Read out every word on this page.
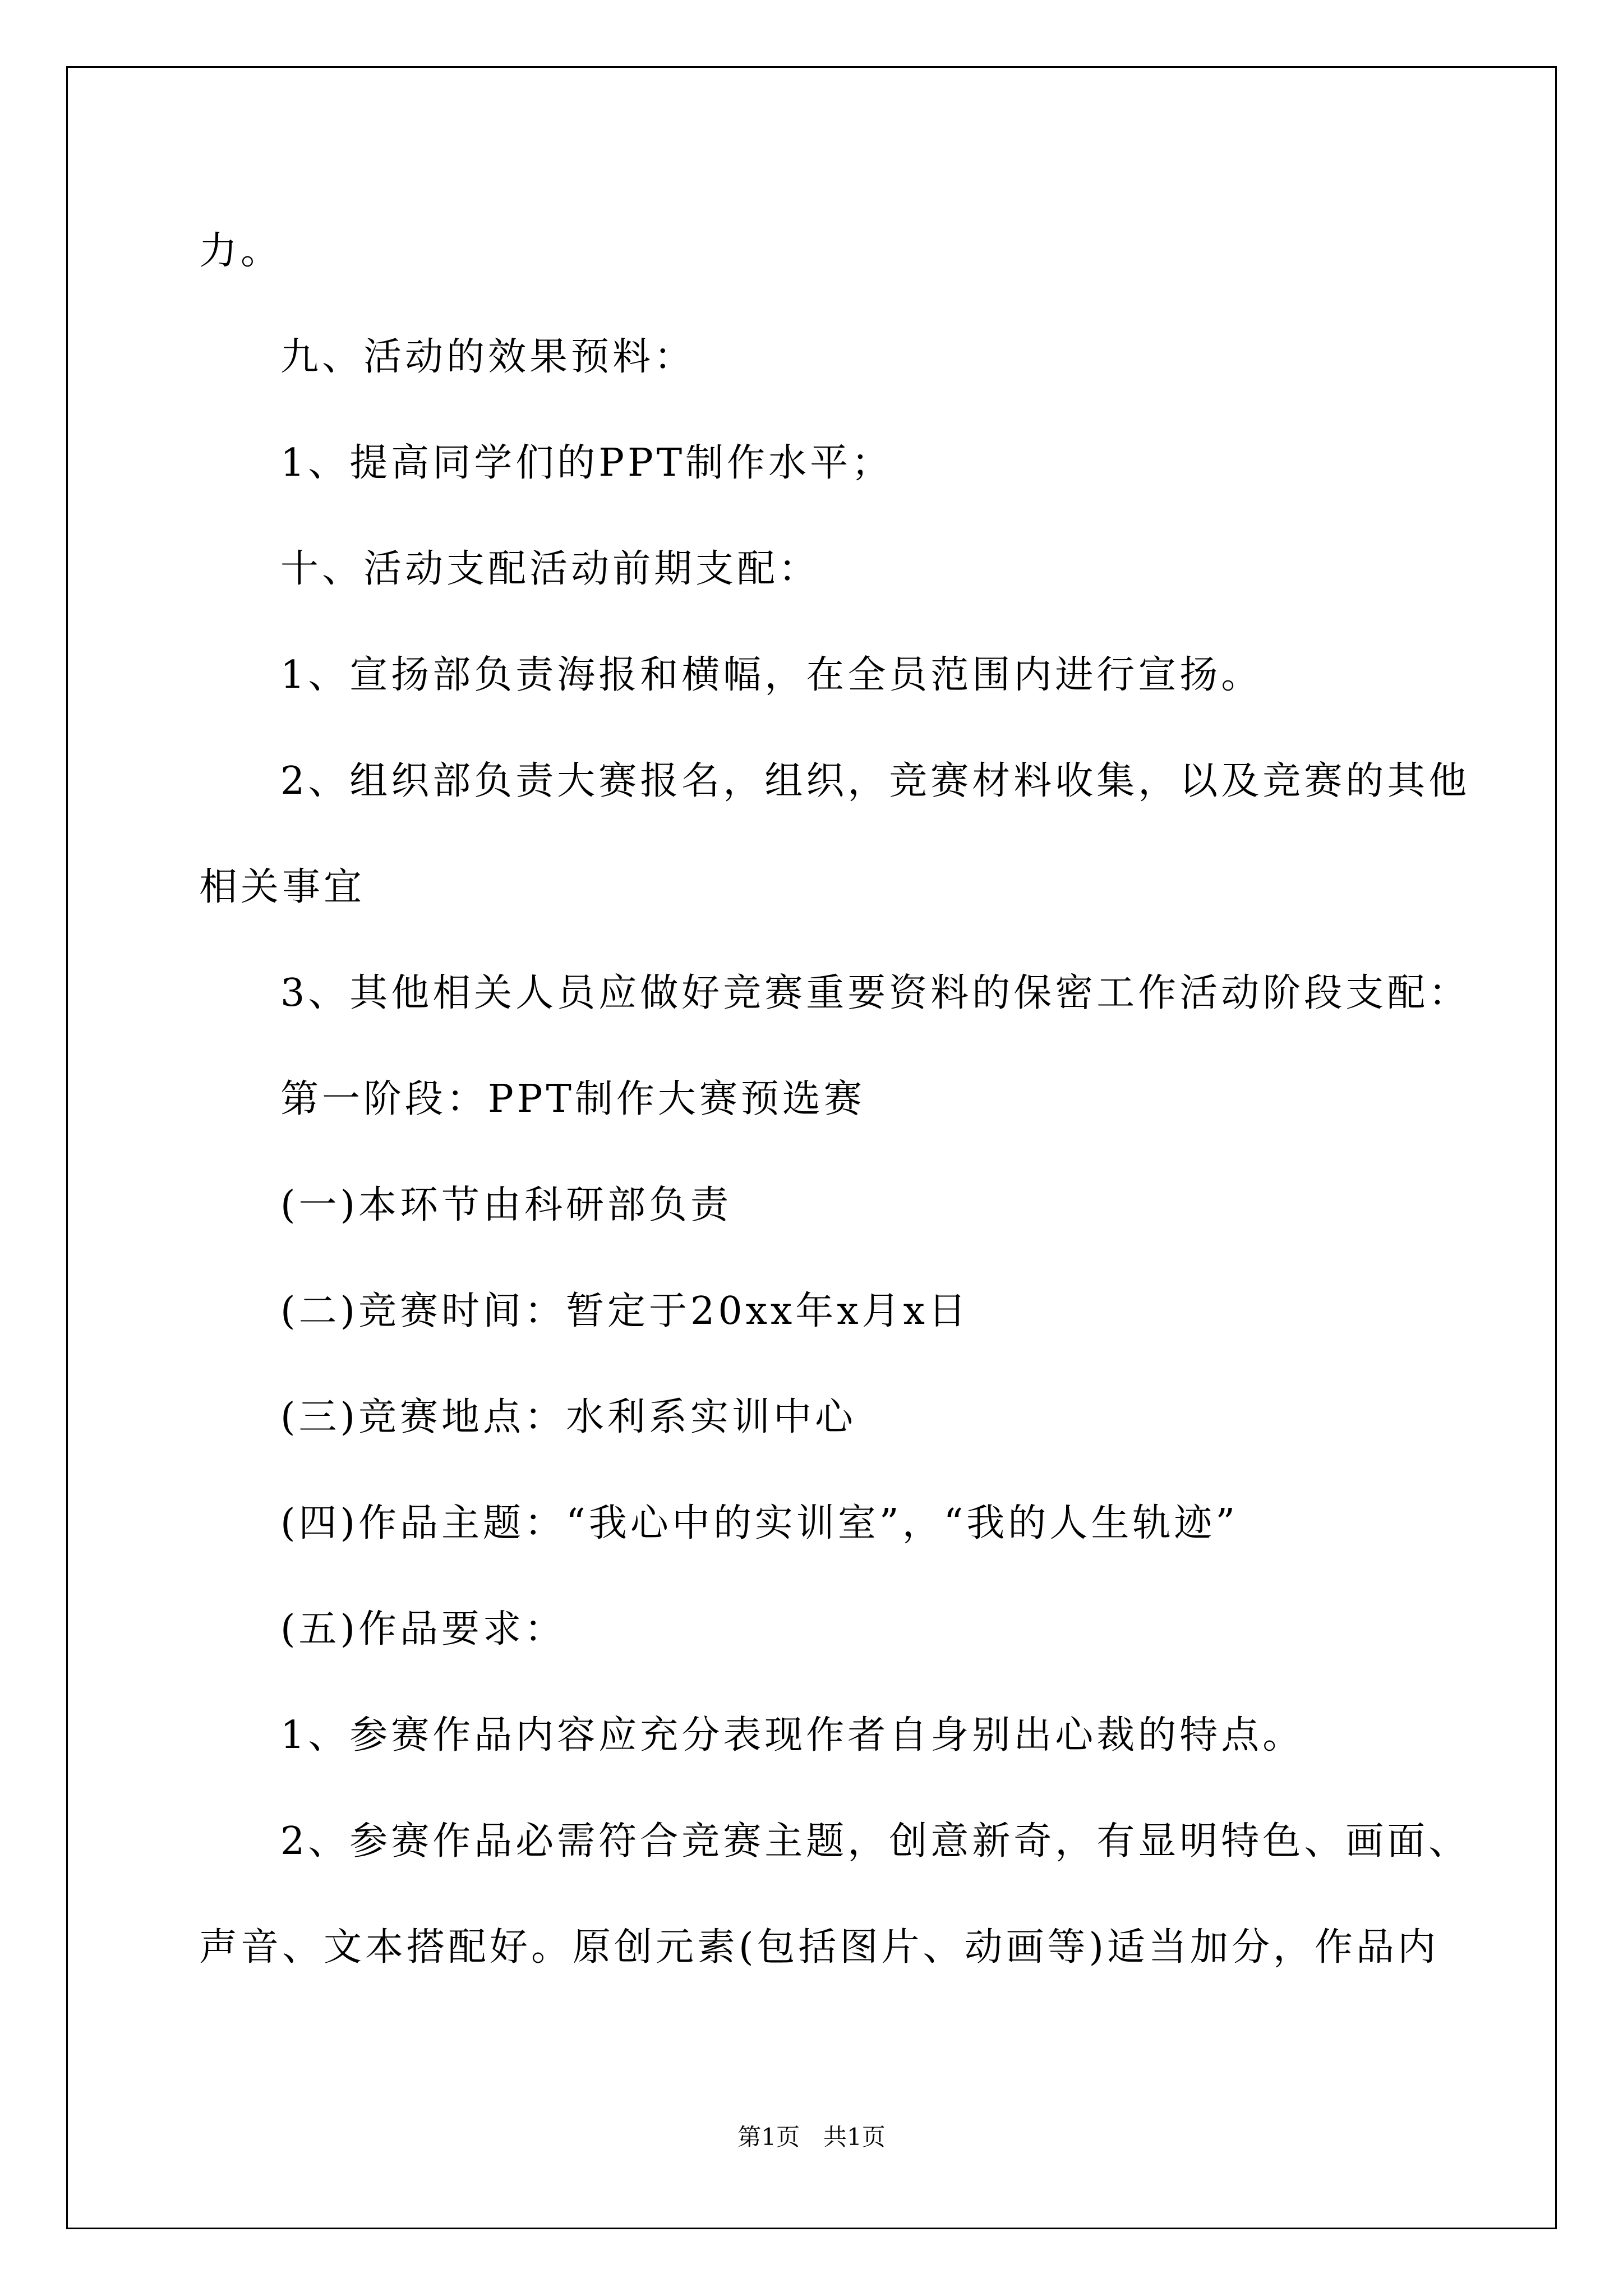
力。

九、活动的效果预料：

1、提高同学们的PPT制作水平；

十、活动支配活动前期支配：

1、宣扬部负责海报和横幅，在全员范围内进行宣扬。

2、组织部负责大赛报名，组织，竞赛材料收集，以及竞赛的其他

相关事宜

3、其他相关人员应做好竞赛重要资料的保密工作活动阶段支配：

第一阶段：PPT制作大赛预选赛

(一)本环节由科研部负责

(二)竞赛时间：暂定于20xx年x月x日

(三)竞赛地点：水利系实训中心

(四)作品主题：“我心中的实训室”，“我的人生轨迹”

(五)作品要求：

1、参赛作品内容应充分表现作者自身别出心裁的特点。

2、参赛作品必需符合竞赛主题，创意新奇，有显明特色、画面、

声音、文本搭配好。原创元素(包括图片、动画等)适当加分，作品内

第1页　共1页
